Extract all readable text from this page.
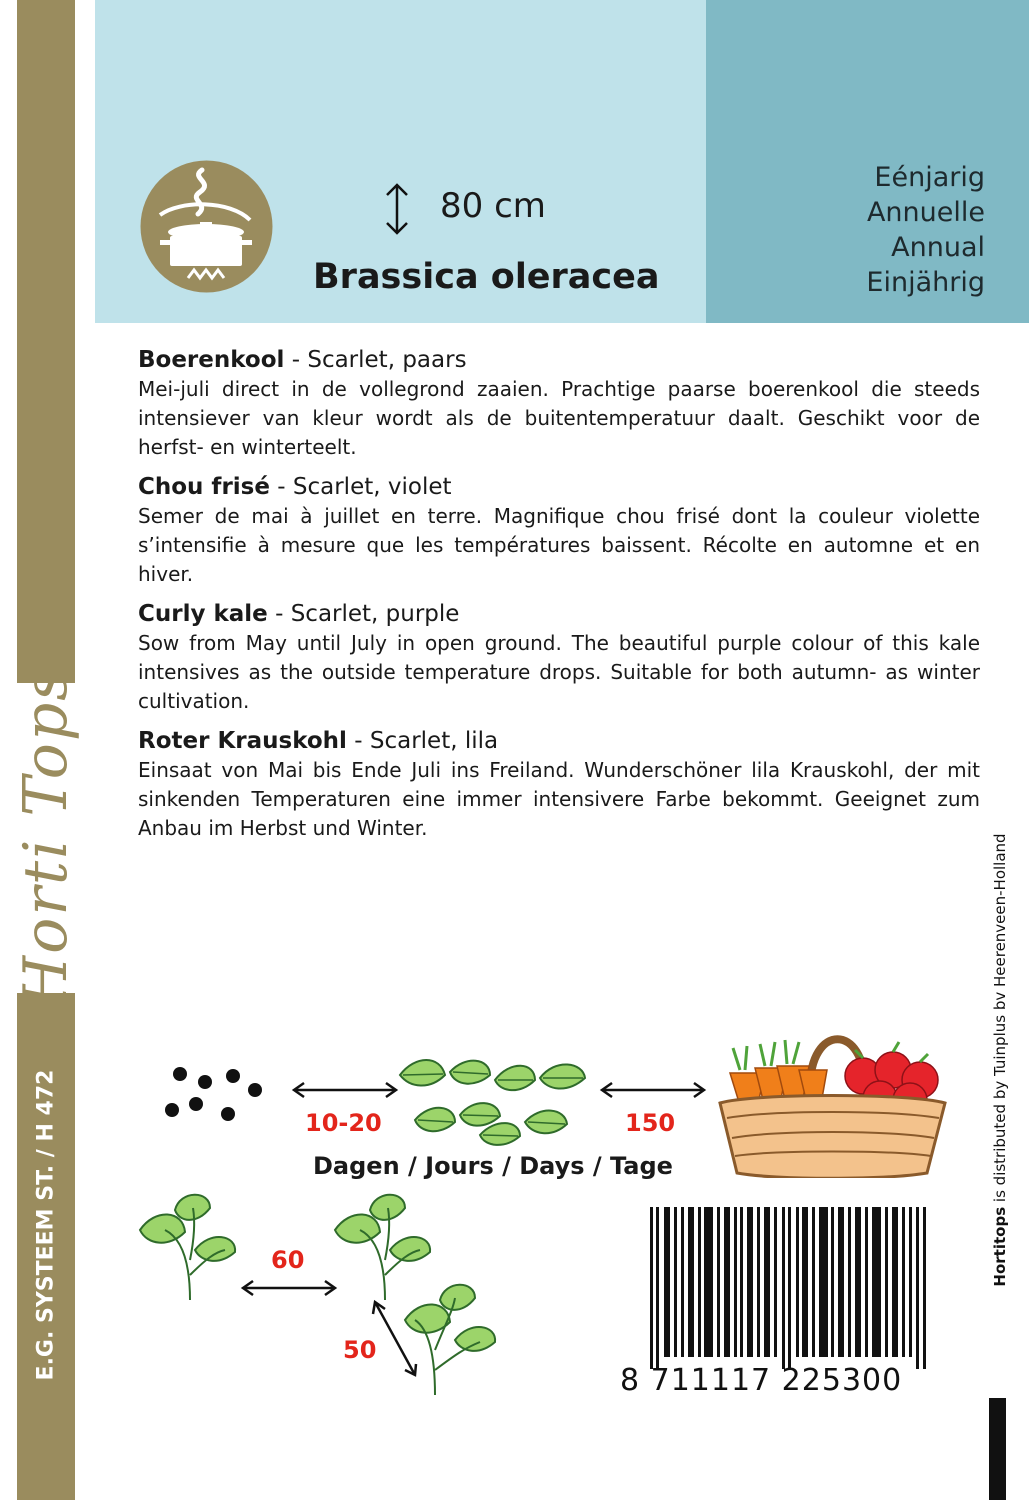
Horti Tops
E.G. SYSTEEM ST. / H 472
80 cm
Brassica oleracea
Eénjarig
Annuelle
Annual
Einjährig
Boerenkool - Scarlet, paars
Mei-juli direct in de vollegrond zaaien. Prachtige paarse boerenkool die steeds intensiever van kleur wordt als de buitentemperatuur daalt. Geschikt voor de herfst- en winterteelt.
Chou frisé - Scarlet, violet
Semer de mai à juillet en terre. Magnifique chou frisé dont la couleur violette s’intensifie à mesure que les températures baissent. Récolte en automne et en hiver.
Curly kale - Scarlet, purple
Sow from May until July in open ground. The beautiful purple colour of this kale intensives as the outside temperature drops. Suitable for both autumn- as winter cultivation.
Roter Krauskohl - Scarlet, lila
Einsaat von Mai bis Ende Juli ins Freiland. Wunderschöner lila Krauskohl, der mit sinkenden Temperaturen eine immer intensivere Farbe bekommt. Geeignet zum Anbau im Herbst und Winter.
10-20	150
Dagen / Jours / Days / Tage
60
50
8 711117 225300
Hortitops is distributed by Tuinplus bv Heerenveen-Holland
